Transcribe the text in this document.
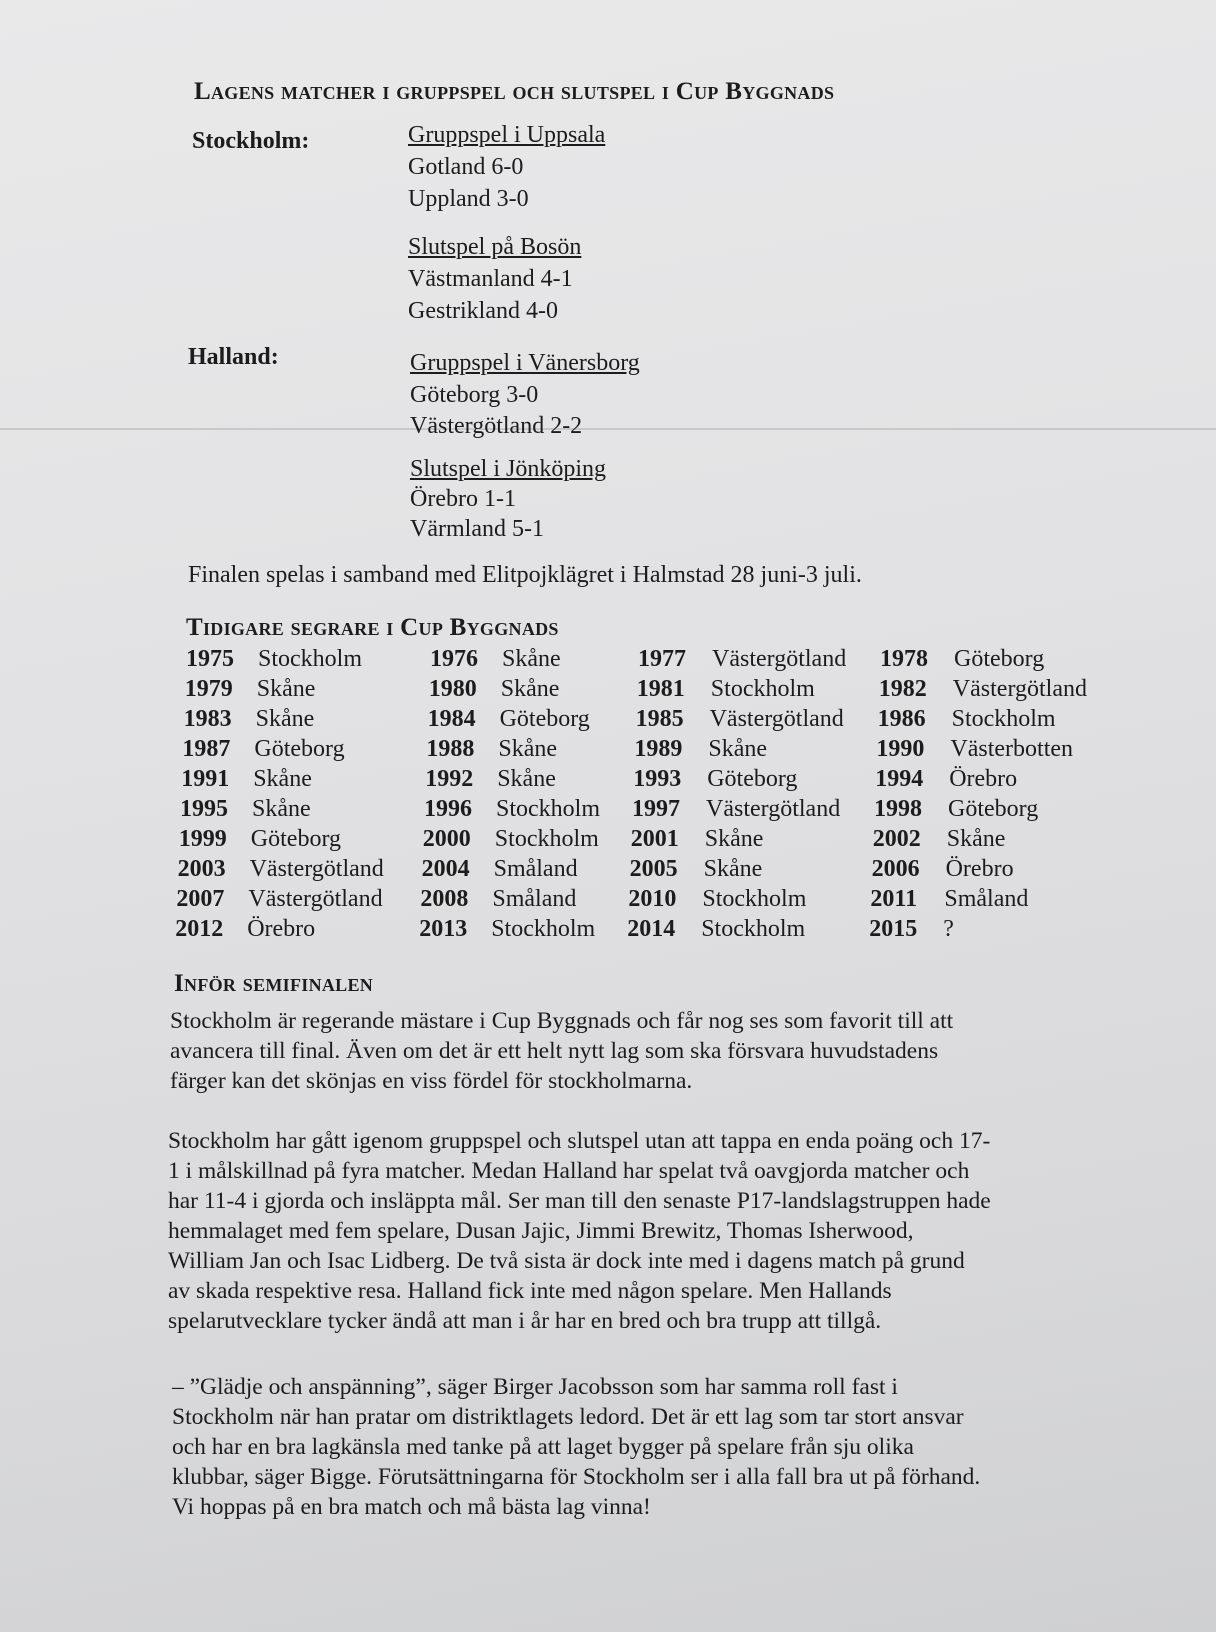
Lagens matcher i gruppspel och slutspel i Cup Byggnads
Stockholm:	Gruppspel i Uppsala
Gotland 6-0
Uppland 3-0
Slutspel på Bosön
Västmanland 4-1
Gestrikland 4-0
Halland:	Gruppspel i Vänersborg
Göteborg 3-0
Västergötland 2-2
Slutspel i Jönköping
Örebro 1-1
Värmland 5-1
Finalen spelas i samband med Elitpojklägret i Halmstad 28 juni-3 juli.
Tidigare segrare i Cup Byggnads
1975 Stockholm	1976 Skåne	1977 Västergötland 1978 Göteborg
1979 Skåne	1980 Skåne	1981 Stockholm	1982 Västergötland
1983 Skåne	1984 Göteborg 1985 Västergötland 1986 Stockholm
1987 Göteborg	1988 Skåne	1989 Skåne	1990 Västerbotten
1991 Skåne	1992 Skåne	1993 Göteborg	1994 Örebro
1995 Skåne	1996 Stockholm 1997 Västergötland 1998 Göteborg
1999 Göteborg	2000 Stockholm 2001 Skåne	2002 Skåne
2003 Västergötland 2004 Småland 2005 Skåne	2006 Örebro
2007 Västergötland 2008 Småland 2010 Stockholm	2011 Småland
2012 Örebro	2013 Stockholm 2014 Stockholm	2015 ?
Inför semifinalen

Stockholm är regerande mästare i Cup Byggnads och får nog ses som favorit till att

avancera till final. Även om det är ett helt nytt lag som ska försvara huvudstadens

färger kan det skönjas en viss fördel för stockholmarna.

Stockholm har gått igenom gruppspel och slutspel utan att tappa en enda poäng och 17-

1 i målskillnad på fyra matcher. Medan Halland har spelat två oavgjorda matcher och

har 11-4 i gjorda och insläppta mål. Ser man till den senaste P17-landslagstruppen hade

hemmalaget med fem spelare, Dusan Jajic, Jimmi Brewitz, Thomas Isherwood,

William Jan och Isac Lidberg. De två sista är dock inte med i dagens match på grund

av skada respektive resa. Halland fick inte med någon spelare. Men Hallands

spelarutvecklare tycker ändå att man i år har en bred och bra trupp att tillgå.

– ”Glädje och anspänning”, säger Birger Jacobsson som har samma roll fast i

Stockholm när han pratar om distriktlagets ledord. Det är ett lag som tar stort ansvar

och har en bra lagkänsla med tanke på att laget bygger på spelare från sju olika

klubbar, säger Bigge. Förutsättningarna för Stockholm ser i alla fall bra ut på förhand.

Vi hoppas på en bra match och må bästa lag vinna!
